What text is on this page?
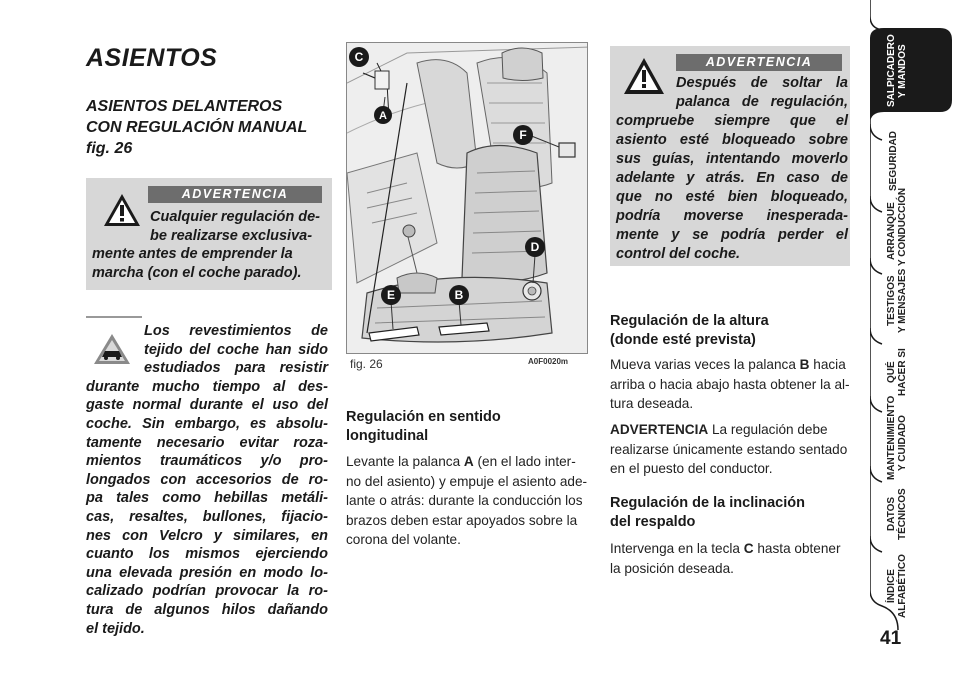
ASIENTOS
ASIENTOS DELANTEROS
CON REGULACIÓN MANUAL
fig. 26
ADVERTENCIA
Cualquier regulación de-
be realizarse exclusiva-
mente antes de emprender la
marcha (con el coche parado).
Los revestimientos de
tejido del coche han sido
estudiados para resistir
durante mucho tiempo al des-
gaste normal durante el uso del
coche. Sin embargo, es absolu-
tamente necesario evitar roza-
mientos traumáticos y/o pro-
longados con accesorios de ro-
pa tales como hebillas metáli-
cas, resaltes, bullones, fijacio-
nes con Velcro y similares, en
cuanto los mismos ejerciendo
una elevada presión en modo lo-
calizado podrían provocar la ro-
tura de algunos hilos dañando
el tejido.
C
A
F
D
E	B
fig. 26	A0F0020m
Regulación en sentido
longitudinal
Levante la palanca A (en el lado inter-
no del asiento) y empuje el asiento ade-
lante o atrás: durante la conducción los
brazos deben estar apoyados sobre la
corona del volante.
ADVERTENCIA
Después de soltar la
palanca de regulación,
compruebe siempre que el
asiento esté bloqueado sobre
sus guías, intentando moverlo
adelante y atrás. En caso de
que no esté bien bloqueado,
podría moverse inesperada-
mente y se podría perder el
control del coche.
Regulación de la altura
(donde esté prevista)
Mueva varias veces la palanca B hacia
arriba o hacia abajo hasta obtener la al-
tura deseada.
ADVERTENCIA La regulación debe
realizarse únicamente estando sentado
en el puesto del conductor.
Regulación de la inclinación
del respaldo
Intervenga en la tecla C hasta obtener
la posición deseada.
SALPICADERO
Y MANDOS
SEGURIDAD
ARRANQUE
Y CONDUCCIÓN
TESTIGOS
Y MENSAJES
QUÉ
HACER SI
MANTENIMIENTO
Y CUIDADO
DATOS
TÉCNICOS
ÍNDICE
ALFABÉTICO
41
